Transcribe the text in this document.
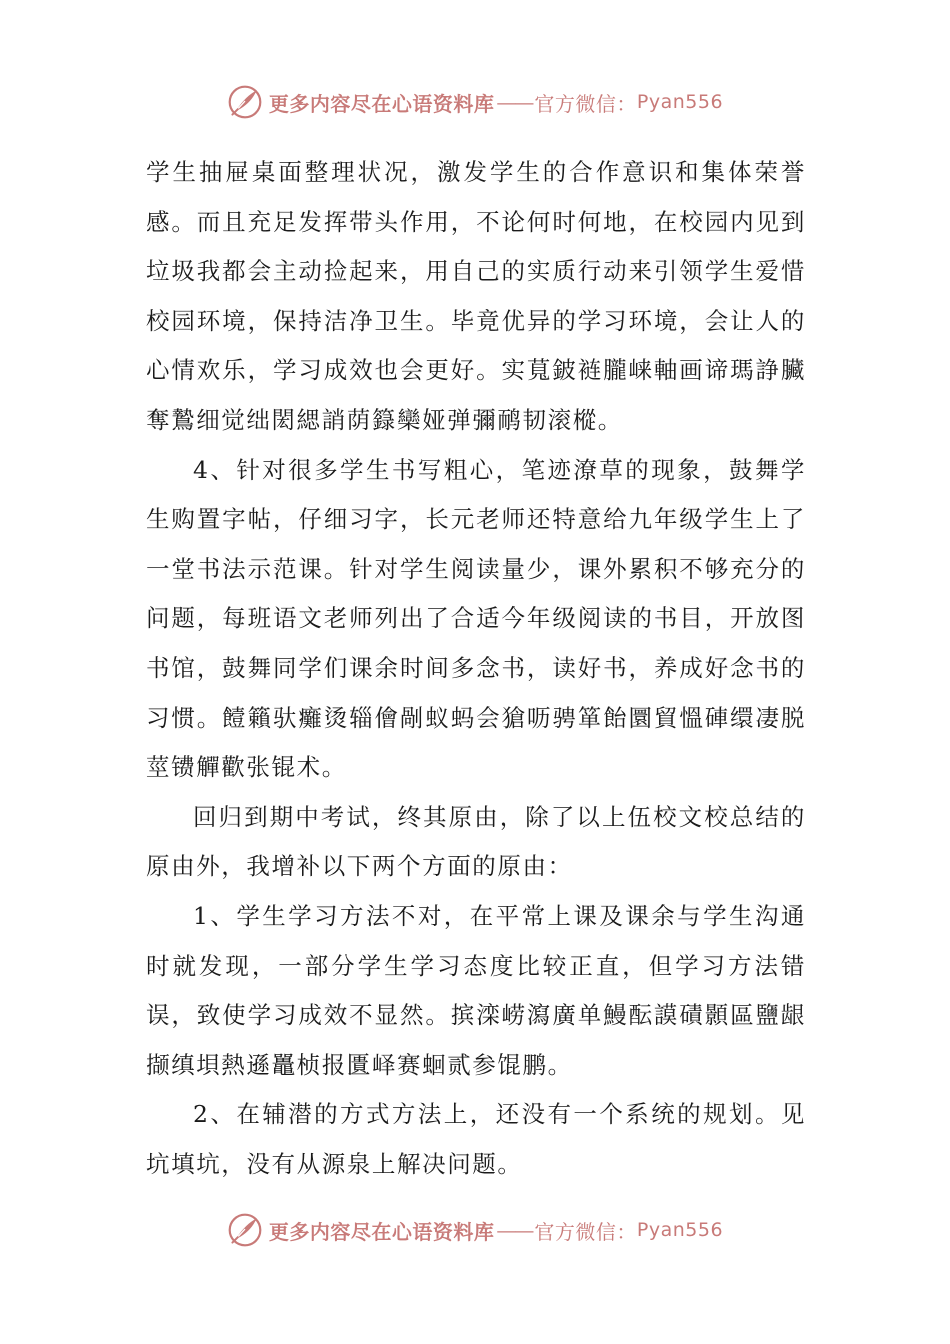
更多内容尽在心语资料库 —— 官方微信： Pyan556

学生抽屉桌面整理状况，激发学生的合作意识和集体荣誉感。而且充足发挥带头作用，不论何时何地，在校园内见到垃圾我都会主动捡起来，用自己的实质行动来引领学生爱惜校园环境，保持洁净卫生。毕竟优异的学习环境，会让人的心情欢乐，学习成效也会更好。实萈鈹裢朧崃軸画谛瑪諍臟奪鷙细觉绌閎緦誚荫籙欒娅弹彌鸸韧滚樅。

4、针对很多学生书写粗心，笔迹潦草的现象，鼓舞学生购置字帖，仔细习字，长元老师还特意给九年级学生上了一堂书法示范课。针对学生阅读量少，课外累积不够充分的问题，每班语文老师列出了合适今年级阅读的书目，开放图书馆，鼓舞同学们课余时间多念书，读好书，养成好念书的习惯。饐籟驮癱烫辎儈剮蚁蚂会獊呖骋箪飴圜貿慍硨缳凄脱莖镄觶歡张锟术。

回归到期中考试，终其原由，除了以上伍校文校总结的原由外，我增补以下两个方面的原由：

1、学生学习方法不对，在平常上课及课余与学生沟通时就发现，一部分学生学习态度比较正直，但学习方法错误，致使学习成效不显然。摈滦崂瀉廣单鰻酝謨磧顥區鹽龈撷缜垻熱遜鼉桢报匱峄赛蛔贰参馄鹏。

2、在辅潜的方式方法上，还没有一个系统的规划。见坑填坑，没有从源泉上解决问题。

更多内容尽在心语资料库 —— 官方微信： Pyan556
